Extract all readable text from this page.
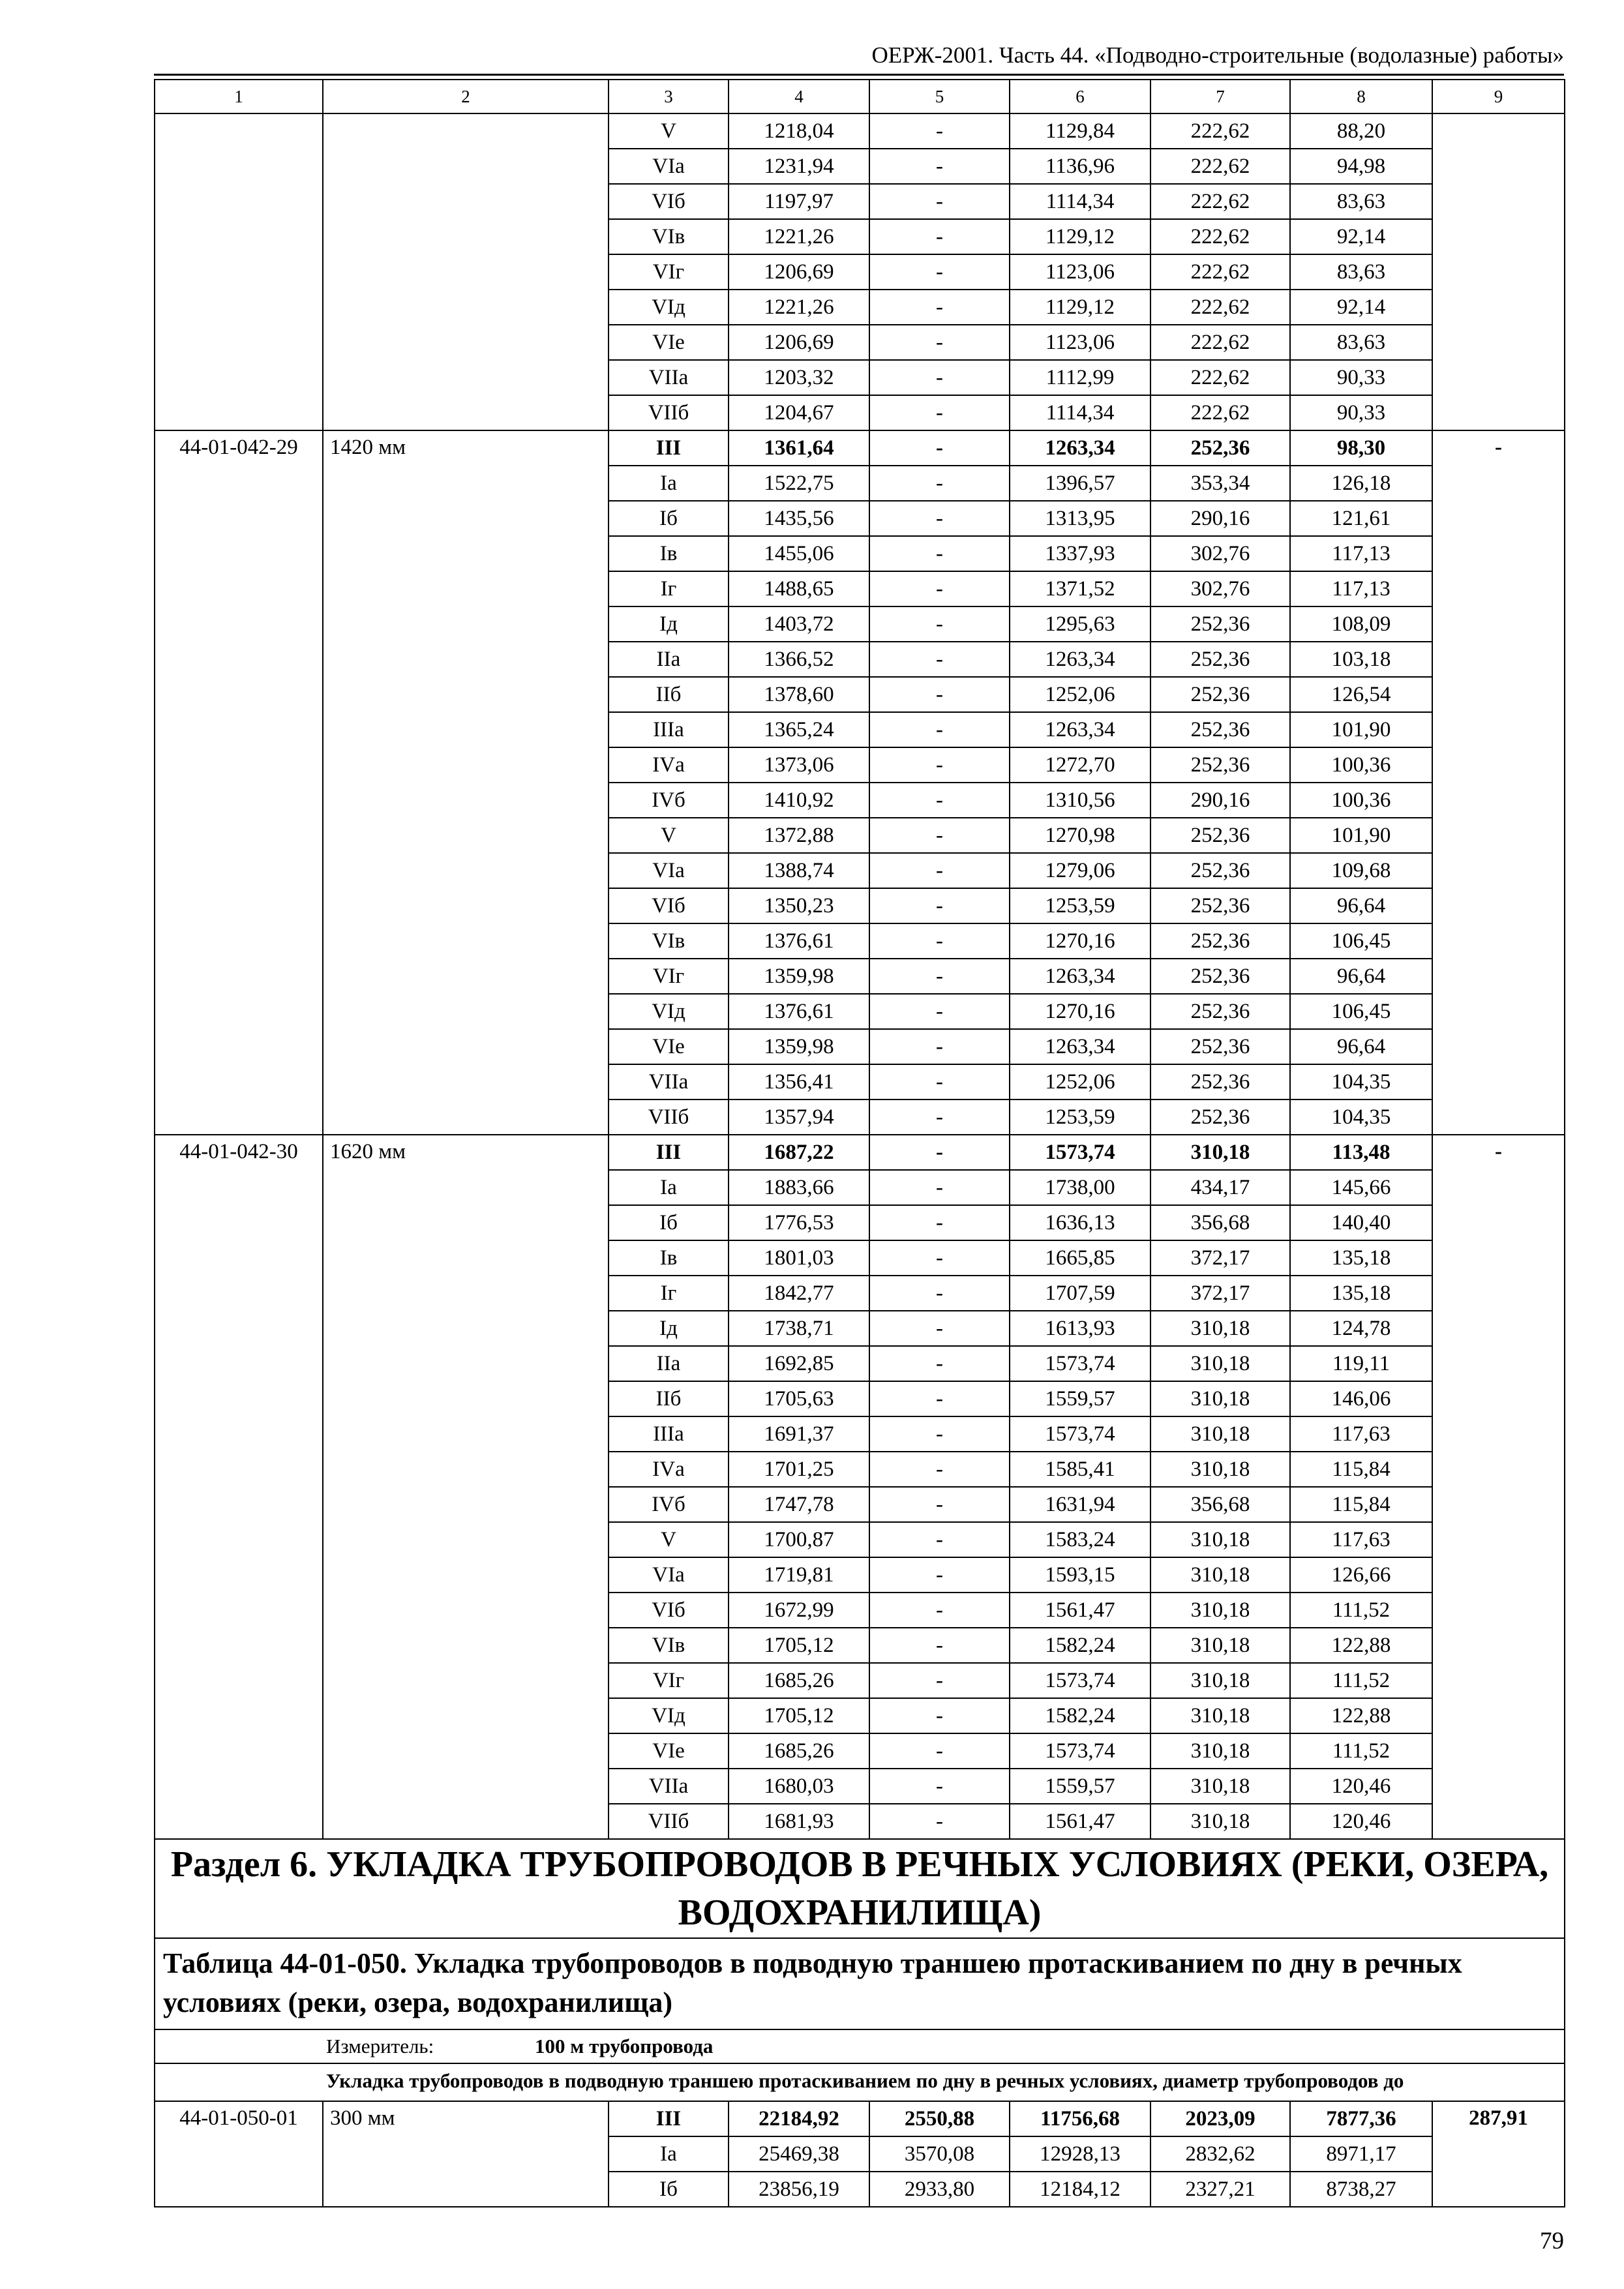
ОЕРЖ-2001. Часть 44. «Подводно-строительные (водолазные) работы»
1	2	3	4	5	6	7	8	9
		V	1218,04	-	1129,84	222,62	88,20	
		VIа	1231,94	-	1136,96	222,62	94,98	
		VIб	1197,97	-	1114,34	222,62	83,63	
		VIв	1221,26	-	1129,12	222,62	92,14	
		VIг	1206,69	-	1123,06	222,62	83,63	
		VIд	1221,26	-	1129,12	222,62	92,14	
		VIе	1206,69	-	1123,06	222,62	83,63	
		VIIа	1203,32	-	1112,99	222,62	90,33	
		VIIб	1204,67	-	1114,34	222,62	90,33	
44-01-042-29	1420 мм	III	1361,64	-	1263,34	252,36	98,30	-
		Iа	1522,75	-	1396,57	353,34	126,18	
		Iб	1435,56	-	1313,95	290,16	121,61	
		Iв	1455,06	-	1337,93	302,76	117,13	
		Iг	1488,65	-	1371,52	302,76	117,13	
		Iд	1403,72	-	1295,63	252,36	108,09	
		IIа	1366,52	-	1263,34	252,36	103,18	
		IIб	1378,60	-	1252,06	252,36	126,54	
		IIIа	1365,24	-	1263,34	252,36	101,90	
		IVа	1373,06	-	1272,70	252,36	100,36	
		IVб	1410,92	-	1310,56	290,16	100,36	
		V	1372,88	-	1270,98	252,36	101,90	
		VIа	1388,74	-	1279,06	252,36	109,68	
		VIб	1350,23	-	1253,59	252,36	96,64	
		VIв	1376,61	-	1270,16	252,36	106,45	
		VIг	1359,98	-	1263,34	252,36	96,64	
		VIд	1376,61	-	1270,16	252,36	106,45	
		VIе	1359,98	-	1263,34	252,36	96,64	
		VIIа	1356,41	-	1252,06	252,36	104,35	
		VIIб	1357,94	-	1253,59	252,36	104,35	
44-01-042-30	1620 мм	III	1687,22	-	1573,74	310,18	113,48	-
		Iа	1883,66	-	1738,00	434,17	145,66	
		Iб	1776,53	-	1636,13	356,68	140,40	
		Iв	1801,03	-	1665,85	372,17	135,18	
		Iг	1842,77	-	1707,59	372,17	135,18	
		Iд	1738,71	-	1613,93	310,18	124,78	
		IIа	1692,85	-	1573,74	310,18	119,11	
		IIб	1705,63	-	1559,57	310,18	146,06	
		IIIа	1691,37	-	1573,74	310,18	117,63	
		IVа	1701,25	-	1585,41	310,18	115,84	
		IVб	1747,78	-	1631,94	356,68	115,84	
		V	1700,87	-	1583,24	310,18	117,63	
		VIа	1719,81	-	1593,15	310,18	126,66	
		VIб	1672,99	-	1561,47	310,18	111,52	
		VIв	1705,12	-	1582,24	310,18	122,88	
		VIг	1685,26	-	1573,74	310,18	111,52	
		VIд	1705,12	-	1582,24	310,18	122,88	
		VIе	1685,26	-	1573,74	310,18	111,52	
		VIIа	1680,03	-	1559,57	310,18	120,46	
		VIIб	1681,93	-	1561,47	310,18	120,46	
Раздел 6. УКЛАДКА ТРУБОПРОВОДОВ В РЕЧНЫХ УСЛОВИЯХ (РЕКИ, ОЗЕРА, ВОДОХРАНИЛИЩА)								
Таблица 44-01-050. Укладка трубопроводов в подводную траншею протаскиванием по дну в речных условиях (реки, озера, водохранилища)								
Измеритель: 100 м трубопровода								
Укладка трубопроводов в подводную траншею протаскиванием по дну в речных условиях, диаметр трубопроводов до								
44-01-050-01	300 мм	III	22184,92	2550,88	11756,68	2023,09	7877,36	287,91
		Iа	25469,38	3570,08	12928,13	2832,62	8971,17	
		Iб	23856,19	2933,80	12184,12	2327,21	8738,27	
79
